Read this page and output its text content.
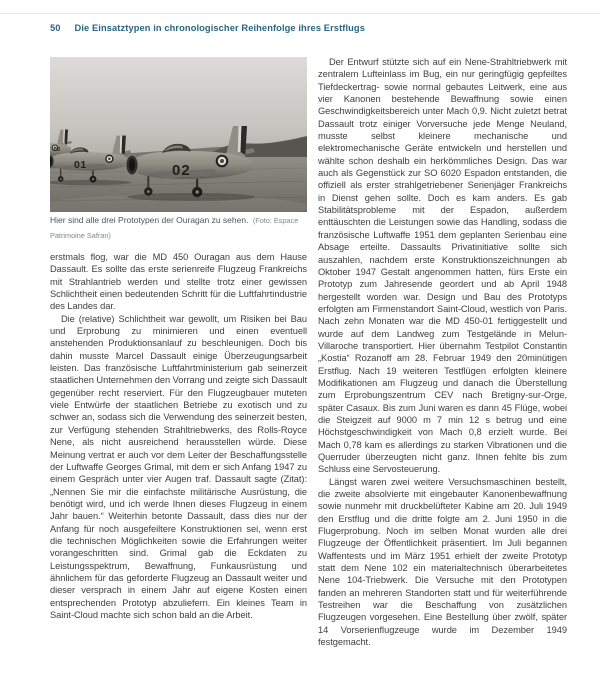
50 Die Einsatztypen in chronologischer Reihenfolge ihres Erstflugs
03
01	02
Hier sind alle drei Prototypen der Ouragan zu sehen. (Foto: Espace Patrimoine Safran)

erstmals flog, war die MD 450 Ouragan aus dem Hause Dassault. Es sollte das erste serienreife Flugzeug Frankreichs mit Strahlantrieb werden und stellte trotz einer gewissen Schlichtheit einen bedeutenden Schritt für die Luftfahrtindustrie des Landes dar.

Die (relative) Schlichtheit war gewollt, um Risiken bei Bau und Erprobung zu minimieren und einen eventuell anstehenden Produktionsanlauf zu beschleunigen. Doch bis dahin musste Marcel Dassault einige Überzeugungsarbeit leisten. Das französische Luftfahrtministerium gab seinerzeit staatlichen Unternehmen den Vorrang und zeigte sich Dassault gegenüber recht reserviert. Für den Flugzeugbauer muteten viele Entwürfe der staatlichen Betriebe zu exotisch und zu schwer an, sodass sich die Verwendung des seinerzeit besten, zur Verfügung stehenden Strahltriebwerks, des Rolls-Royce Nene, als nicht ausreichend herausstellen würde. Diese Meinung vertrat er auch vor dem Leiter der Beschaffungsstelle der Luftwaffe Georges Grimal, mit dem er sich Anfang 1947 zu einem Gespräch unter vier Augen traf. Dassault sagte (Zitat): „Nennen Sie mir die einfachste militärische Ausrüstung, die benötigt wird, und ich werde Ihnen dieses Flugzeug in einem Jahr bauen.“ Weiterhin betonte Dassault, dass dies nur der Anfang für noch ausgefeiltere Konstruktionen sei, wenn erst die technischen Möglichkeiten sowie die Erfahrungen weiter vorangeschritten sind. Grimal gab die Eckdaten zu Leistungsspektrum, Bewaffnung, Funkausrüstung und ähnlichem für das geforderte Flugzeug an Dassault weiter und dieser versprach in einem Jahr auf eigene Kosten einen entsprechenden Prototyp abzuliefern. Ein kleines Team in Saint-Cloud machte sich schon bald an die Arbeit.

Der Entwurf stützte sich auf ein Nene-Strahltriebwerk mit zentralem Lufteinlass im Bug, ein nur geringfügig gepfeiltes Tiefdeckertrag- sowie normal gebautes Leitwerk, eine aus vier Kanonen bestehende Bewaffnung sowie einen Geschwindigkeitsbereich unter Mach 0,9. Nicht zuletzt betrat Dassault trotz einiger Vorversuche jede Menge Neuland, musste selbst kleinere mechanische und elektromechanische Geräte entwickeln und herstellen und wählte schon deshalb ein herkömmliches Design. Das war auch als Gegenstück zur SO 6020 Espadon entstanden, die offiziell als erster strahlgetriebener Serienjäger Frankreichs in Dienst gehen sollte. Doch es kam anders. Es gab Stabilitätsprobleme mit der Espadon, außerdem enttäuschten die Leistungen sowie das Handling, sodass die französische Luftwaffe 1951 dem geplanten Serienbau eine Absage erteilte. Dassaults Privatinitiative sollte sich auszahlen, nachdem erste Konstruktionszeichnungen ab Oktober 1947 Gestalt angenommen hatten, fürs Erste ein Prototyp zum Jahresende geordert und ab April 1948 hergestellt worden war. Design und Bau des Prototyps erfolgten am Firmenstandort Saint-Cloud, westlich von Paris. Nach zehn Monaten war die MD 450-01 fertiggestellt und wurde auf dem Landweg zum Testgelände in Melun-Villaroche transportiert. Hier übernahm Testpilot Constantin „Kostia“ Rozanoff am 28. Februar 1949 den 20minütigen Erstflug. Nach 19 weiteren Testflügen erfolgten kleinere Modifikationen am Flugzeug und danach die Überstellung zum Erprobungszentrum CEV nach Bretigny-sur-Orge, später Casaux. Bis zum Juni waren es dann 45 Flüge, wobei die Steigzeit auf 9000 m 7 min 12 s betrug und eine Höchstgeschwindigkeit von Mach 0,8 erzielt wurde. Bei Mach 0,78 kam es allerdings zu starken Vibrationen und die Querruder überzeugten nicht ganz. Ihnen fehlte bis zum Schluss eine Servosteuerung.

Längst waren zwei weitere Versuchsmaschinen bestellt, die zweite absolvierte mit eingebauter Kanonenbewaffnung sowie nunmehr mit druckbelüfteter Kabine am 20. Juli 1949 den Erstflug und die dritte folgte am 2. Juni 1950 in die Flugerprobung. Noch im selben Monat wurden alle drei Flugzeuge der Öffentlichkeit präsentiert. Im Juli begannen Waffentests und im März 1951 erhielt der zweite Prototyp statt dem Nene 102 ein materialtechnisch überarbeitetes Nene 104-Triebwerk. Die Versuche mit den Prototypen fanden an mehreren Standorten statt und für weiterführende Testreihen war die Beschaffung von zusätzlichen Flugzeugen vorgesehen. Eine Bestellung über zwölf, später 14 Vorserienflugzeuge wurde im Dezember 1949 festgemacht.
